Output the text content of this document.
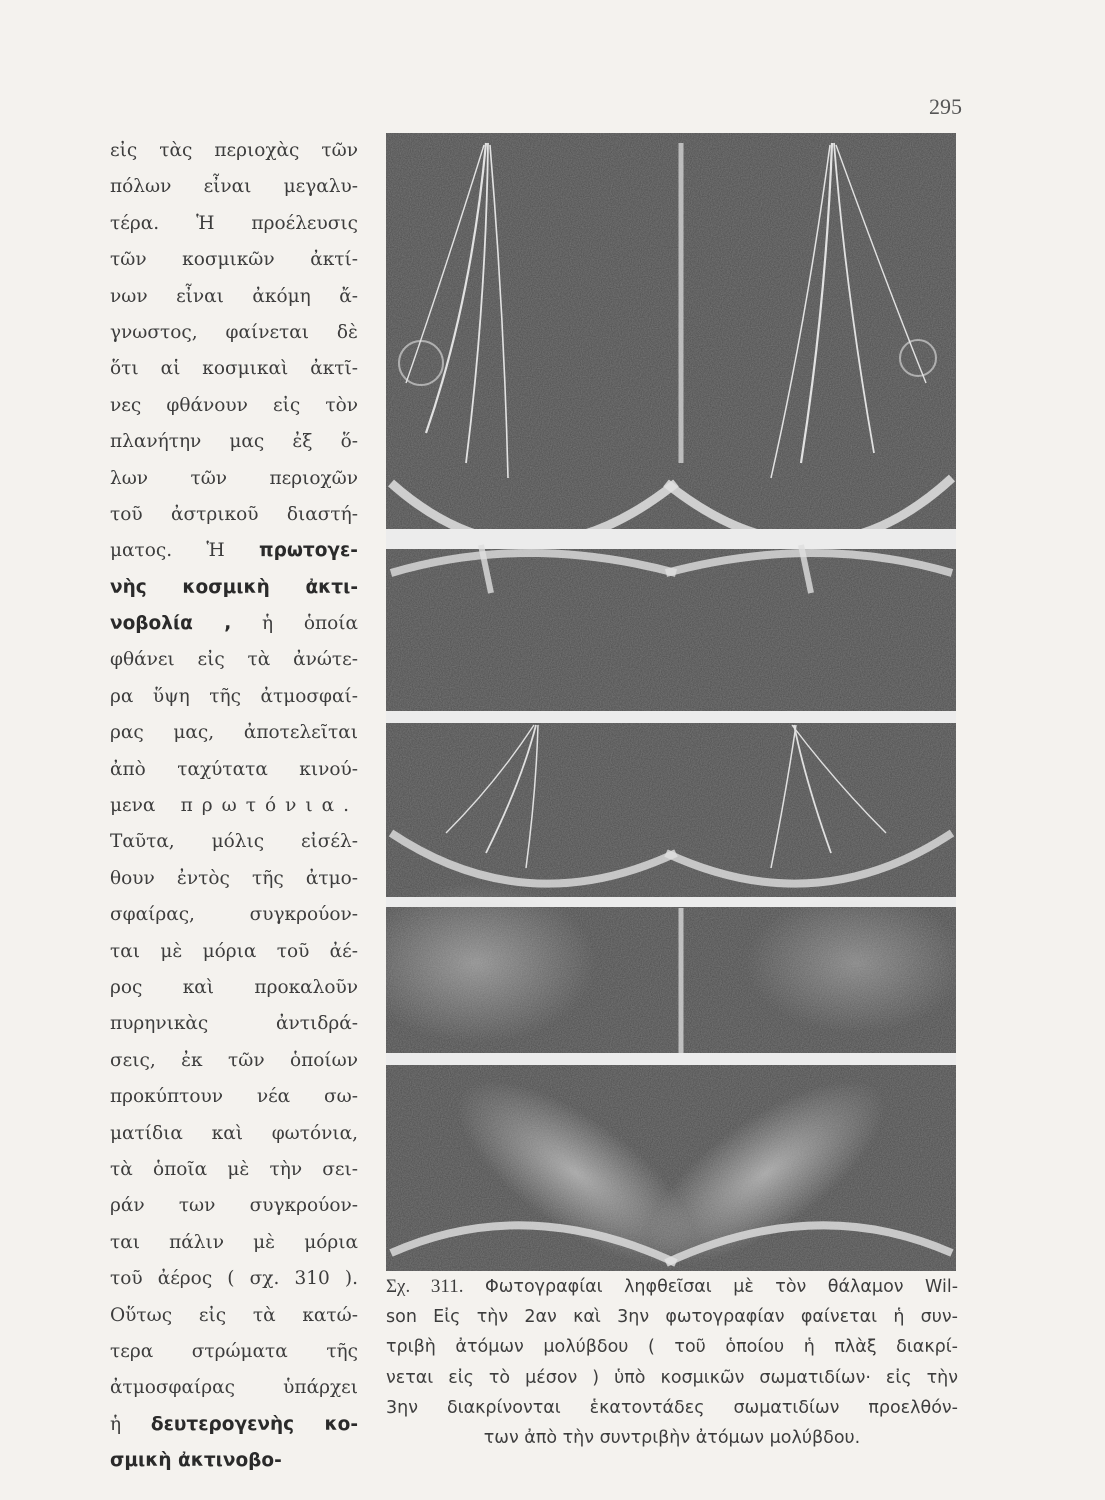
295
εἰς τὰς περιοχὰς τῶν
πόλων εἶναι μεγαλυ-
τέρα. Ἡ προέλευσις
τῶν κοσμικῶν ἀκτί-
νων εἶναι ἀκόμη ἄ-
γνωστος, φαίνεται δὲ
ὅτι αἱ κοσμικαὶ ἀκτῖ-
νες φθάνουν εἰς τὸν
πλανήτην μας ἐξ ὅ-
λων τῶν περιοχῶν
τοῦ ἀστρικοῦ διαστή-
ματος. Ἡ πρωτογε-
νὴς κοσμικὴ ἀκτι-
νοβολία , ἡ ὁποία
φθάνει εἰς τὰ ἀνώτε-
ρα ὕψη τῆς ἀτμοσφαί-
ρας μας, ἀποτελεῖται
ἀπὸ ταχύτατα κινού-
μενα πρωτόνια.
Ταῦτα, μόλις εἰσέλ-
θουν ἐντὸς τῆς ἀτμο-
σφαίρας, συγκρούον-
ται μὲ μόρια τοῦ ἀέ-
ρος καὶ προκαλοῦν
πυρηνικὰς ἀντιδρά-
σεις, ἐκ τῶν ὁποίων
προκύπτουν νέα σω-
ματίδια καὶ φωτόνια,
τὰ ὁποῖα μὲ τὴν σει-
ράν των συγκρούον-
ται πάλιν μὲ μόρια
τοῦ ἀέρος ( σχ. 310 ).
Οὕτως εἰς τὰ κατώ-
τερα στρώματα τῆς
ἀτμοσφαίρας ὑπάρχει
ἡ δευτερογενὴς κο-
σμικὴ ἀκτινοβο-
Σχ. 311. Φωτογραφίαι ληφθεῖσαι μὲ τὸν θάλαμον Wil-
son Εἰς τὴν 2αν καὶ 3ην φωτογραφίαν φαίνεται ἡ συν-
τριβὴ ἀτόμων μολύβδου ( τοῦ ὁποίου ἡ πλὰξ διακρί-
νεται εἰς τὸ μέσον ) ὑπὸ κοσμικῶν σωματιδίων· εἰς τὴν
3ην διακρίνονται ἑκατοντάδες σωματιδίων προελθόν-
των ἀπὸ τὴν συντριβὴν ἀτόμων μολύβδου.
